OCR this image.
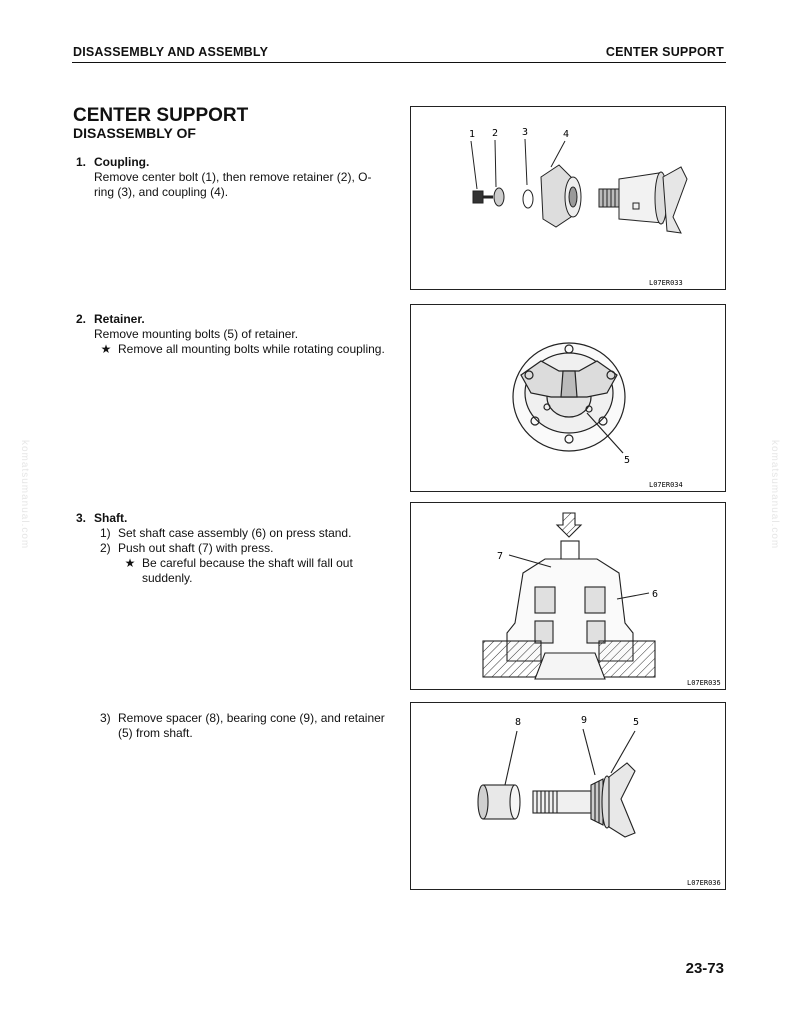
DISASSEMBLY AND ASSEMBLY	CENTER SUPPORT
komatsumanual.com	komatsumanual.com
CENTER SUPPORT
DISASSEMBLY OF
1. Coupling.
Remove center bolt (1), then remove retainer (2), O-ring (3), and coupling (4).
2. Retainer.
Remove mounting bolts (5) of retainer.
★ Remove all mounting bolts while rotating coupling.
3. Shaft.
1) Set shaft case assembly (6) on press stand.
2) Push out shaft (7) with press.
★ Be careful because the shaft will fall out suddenly.
3) Remove spacer (8), bearing cone (9), and retainer (5) from shaft.
1 2 3	4
L07ER033
5
L07ER034
7
6
L07ER035
8	9	5
L07ER036
23-73
